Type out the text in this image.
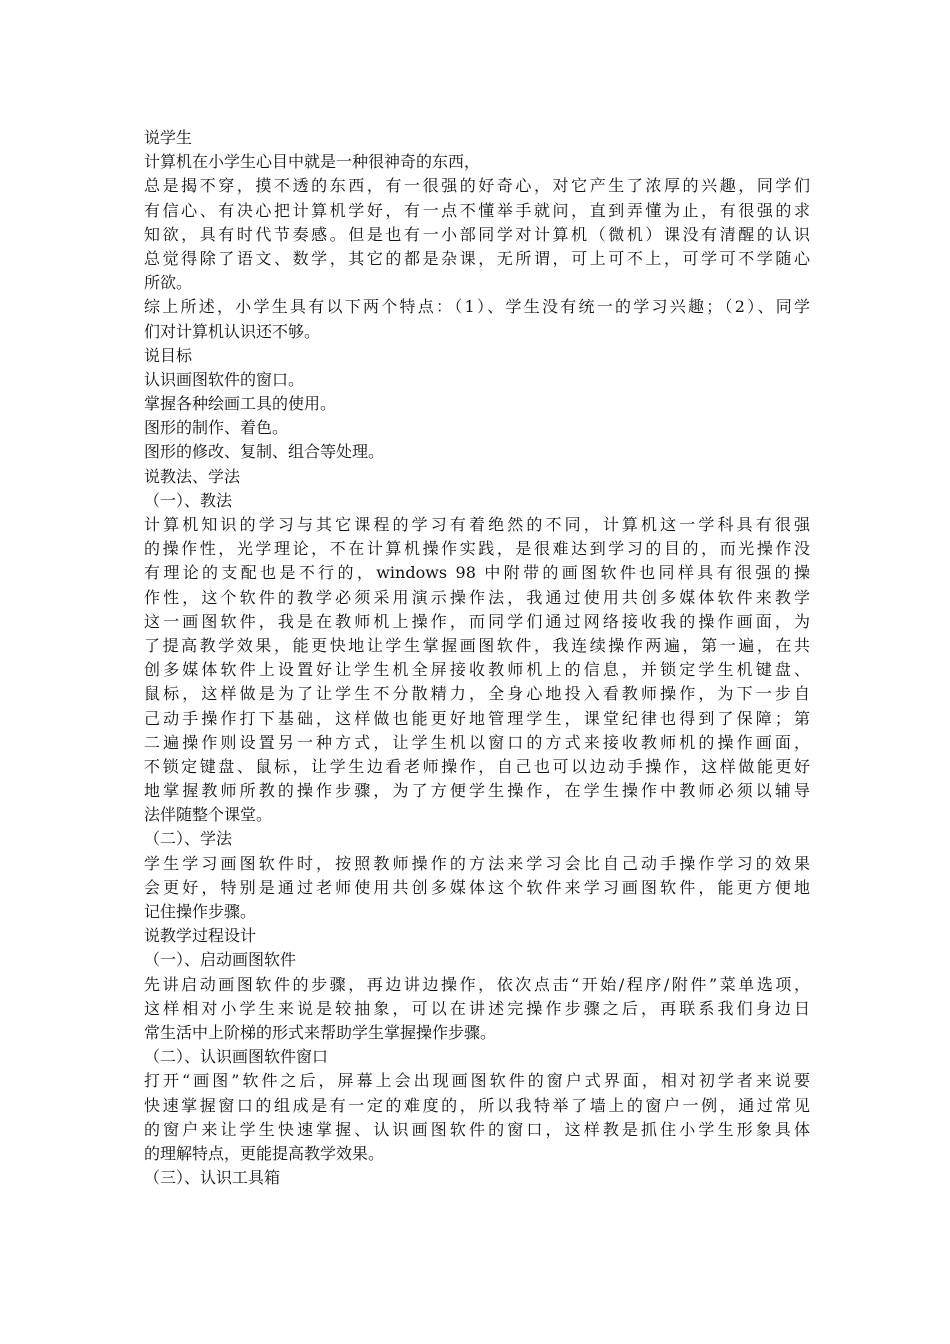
说学生
计算机在小学生心目中就是一种很神奇的东西，
总是揭不穿，摸不透的东西，有一很强的好奇心，对它产生了浓厚的兴趣，同学们
有信心、有决心把计算机学好，有一点不懂举手就问，直到弄懂为止，有很强的求
知欲，具有时代节奏感。但是也有一小部同学对计算机（微机）课没有清醒的认识
总觉得除了语文、数学，其它的都是杂课，无所谓，可上可不上，可学可不学随心
所欲。
综上所述，小学生具有以下两个特点：（1）、学生没有统一的学习兴趣；（2）、同学
们对计算机认识还不够。
说目标
认识画图软件的窗口。
掌握各种绘画工具的使用。
图形的制作、着色。
图形的修改、复制、组合等处理。
说教法、学法
（一）、教法
计算机知识的学习与其它课程的学习有着绝然的不同，计算机这一学科具有很强
的操作性，光学理论，不在计算机操作实践，是很难达到学习的目的，而光操作没
有理论的支配也是不行的，windows 98 中附带的画图软件也同样具有很强的操
作性，这个软件的教学必须采用演示操作法，我通过使用共创多媒体软件来教学
这一画图软件，我是在教师机上操作，而同学们通过网络接收我的操作画面，为
了提高教学效果，能更快地让学生掌握画图软件，我连续操作两遍，第一遍，在共
创多媒体软件上设置好让学生机全屏接收教师机上的信息，并锁定学生机键盘、
鼠标，这样做是为了让学生不分散精力，全身心地投入看教师操作，为下一步自
己动手操作打下基础，这样做也能更好地管理学生，课堂纪律也得到了保障；第
二遍操作则设置另一种方式，让学生机以窗口的方式来接收教师机的操作画面，
不锁定键盘、鼠标，让学生边看老师操作，自己也可以边动手操作，这样做能更好
地掌握教师所教的操作步骤，为了方便学生操作，在学生操作中教师必须以辅导
法伴随整个课堂。
（二）、学法
学生学习画图软件时，按照教师操作的方法来学习会比自己动手操作学习的效果
会更好，特别是通过老师使用共创多媒体这个软件来学习画图软件，能更方便地
记住操作步骤。
说教学过程设计
（一）、启动画图软件
先讲启动画图软件的步骤，再边讲边操作，依次点击“开始/程序/附件”菜单选项，
这样相对小学生来说是较抽象，可以在讲述完操作步骤之后，再联系我们身边日
常生活中上阶梯的形式来帮助学生掌握操作步骤。
（二）、认识画图软件窗口
打开“画图”软件之后，屏幕上会出现画图软件的窗户式界面，相对初学者来说要
快速掌握窗口的组成是有一定的难度的，所以我特举了墙上的窗户一例，通过常见
的窗户来让学生快速掌握、认识画图软件的窗口，这样教是抓住小学生形象具体
的理解特点，更能提高教学效果。
（三）、认识工具箱
